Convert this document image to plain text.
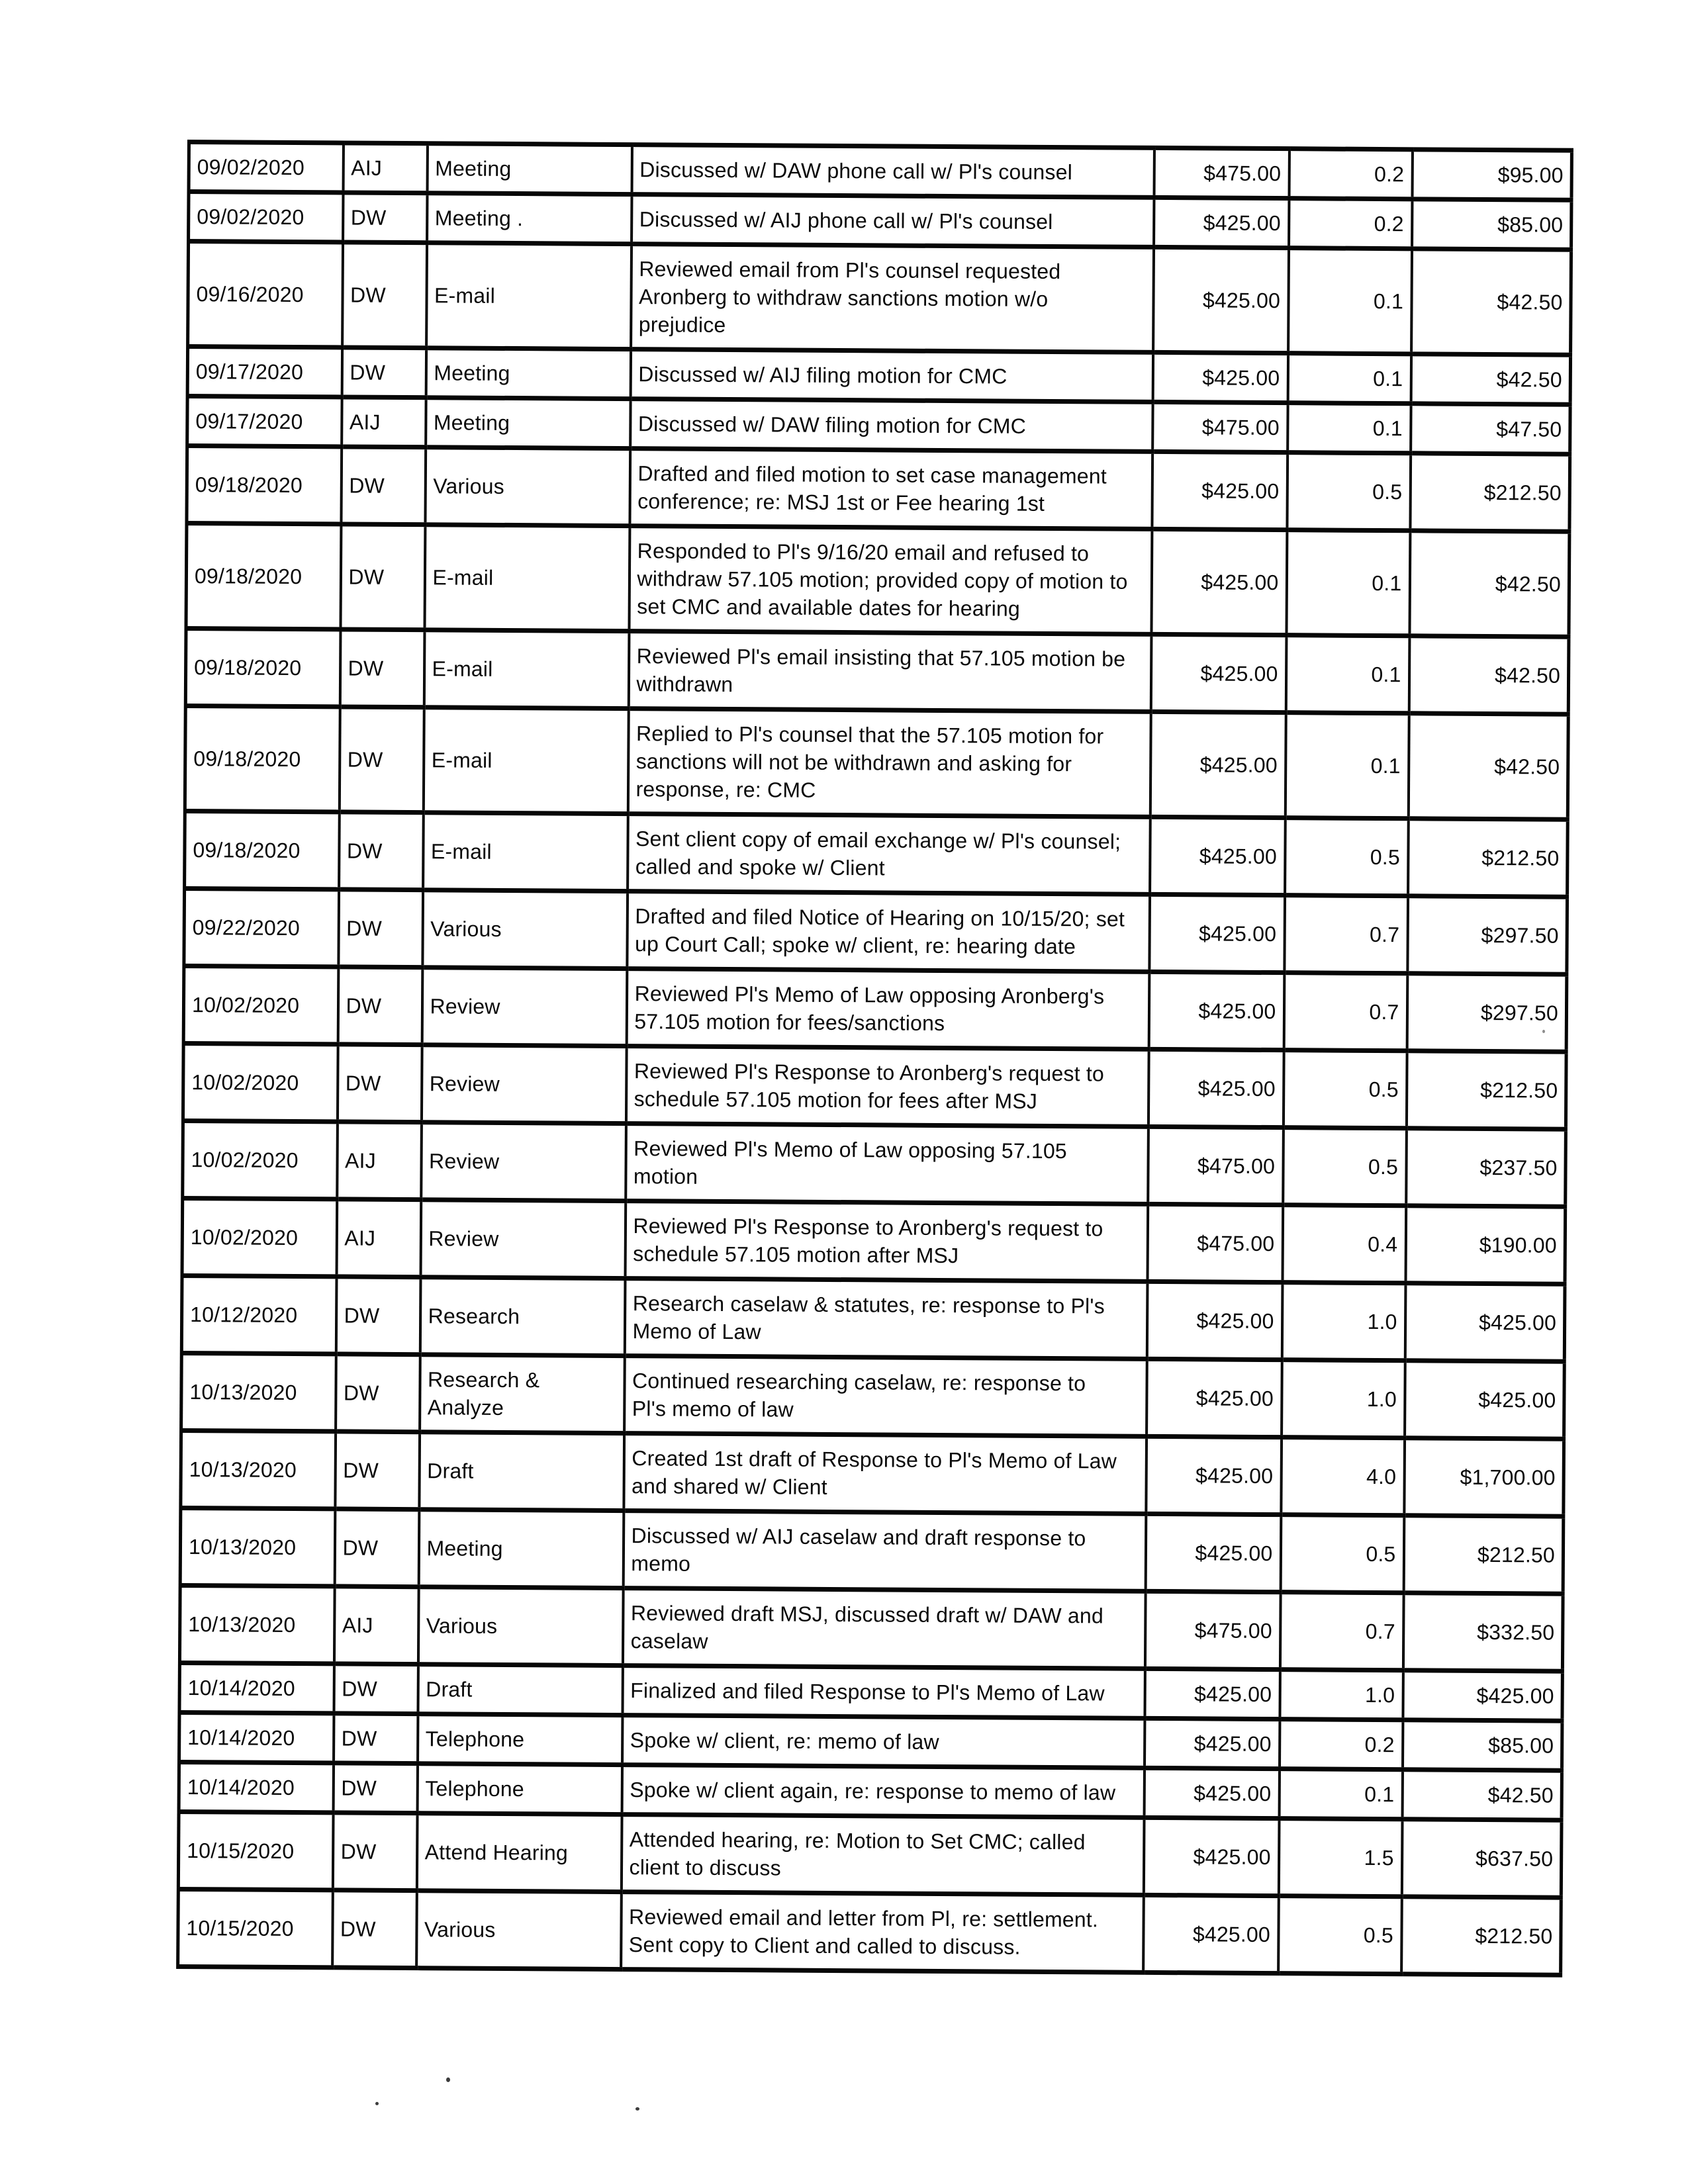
09/02/2020	AIJ	Meeting	Discussed w/ DAW phone call w/ Pl's counsel	$475.00	0.2	$95.00
09/02/2020	DW	Meeting .	Discussed w/ AIJ phone call w/ Pl's counsel	$425.00	0.2	$85.00
09/16/2020	DW	E-mail	Reviewed email from Pl's counsel requested
Aronberg to withdraw sanctions motion w/o
prejudice	$425.00	0.1	$42.50
09/17/2020	DW	Meeting	Discussed w/ AIJ filing motion for CMC	$425.00	0.1	$42.50
09/17/2020	AIJ	Meeting	Discussed w/ DAW filing motion for CMC	$475.00	0.1	$47.50
09/18/2020	DW	Various	Drafted and filed motion to set case management
conference; re: MSJ 1st or Fee hearing 1st	$425.00	0.5	$212.50
09/18/2020	DW	E-mail	Responded to Pl's 9/16/20 email and refused to
withdraw 57.105 motion; provided copy of motion to
set CMC and available dates for hearing	$425.00	0.1	$42.50
09/18/2020	DW	E-mail	Reviewed Pl's email insisting that 57.105 motion be
withdrawn	$425.00	0.1	$42.50
09/18/2020	DW	E-mail	Replied to Pl's counsel that the 57.105 motion for
sanctions will not be withdrawn and asking for
response, re: CMC	$425.00	0.1	$42.50
09/18/2020	DW	E-mail	Sent client copy of email exchange w/ Pl's counsel;
called and spoke w/ Client	$425.00	0.5	$212.50
09/22/2020	DW	Various	Drafted and filed Notice of Hearing on 10/15/20; set
up Court Call; spoke w/ client, re: hearing date	$425.00	0.7	$297.50
10/02/2020	DW	Review	Reviewed Pl's Memo of Law opposing Aronberg's
57.105 motion for fees/sanctions	$425.00	0.7	$297.50
10/02/2020	DW	Review	Reviewed Pl's Response to Aronberg's request to
schedule 57.105 motion for fees after MSJ	$425.00	0.5	$212.50
10/02/2020	AIJ	Review	Reviewed Pl's Memo of Law opposing 57.105
motion	$475.00	0.5	$237.50
10/02/2020	AIJ	Review	Reviewed Pl's Response to Aronberg's request to
schedule 57.105 motion after MSJ	$475.00	0.4	$190.00
10/12/2020	DW	Research	Research caselaw & statutes, re: response to Pl's
Memo of Law	$425.00	1.0	$425.00
10/13/2020	DW	Research &
Analyze	Continued researching caselaw, re: response to
Pl's memo of law	$425.00	1.0	$425.00
10/13/2020	DW	Draft	Created 1st draft of Response to Pl's Memo of Law
and shared w/ Client	$425.00	4.0	$1,700.00
10/13/2020	DW	Meeting	Discussed w/ AIJ caselaw and draft response to
memo	$425.00	0.5	$212.50
10/13/2020	AIJ	Various	Reviewed draft MSJ, discussed draft w/ DAW and
caselaw	$475.00	0.7	$332.50
10/14/2020	DW	Draft	Finalized and filed Response to Pl's Memo of Law	$425.00	1.0	$425.00
10/14/2020	DW	Telephone	Spoke w/ client, re: memo of law	$425.00	0.2	$85.00
10/14/2020	DW	Telephone	Spoke w/ client again, re: response to memo of law	$425.00	0.1	$42.50
10/15/2020	DW	Attend Hearing	Attended hearing, re: Motion to Set CMC; called
client to discuss	$425.00	1.5	$637.50
10/15/2020	DW	Various	Reviewed email and letter from Pl, re: settlement.
Sent copy to Client and called to discuss.	$425.00	0.5	$212.50
